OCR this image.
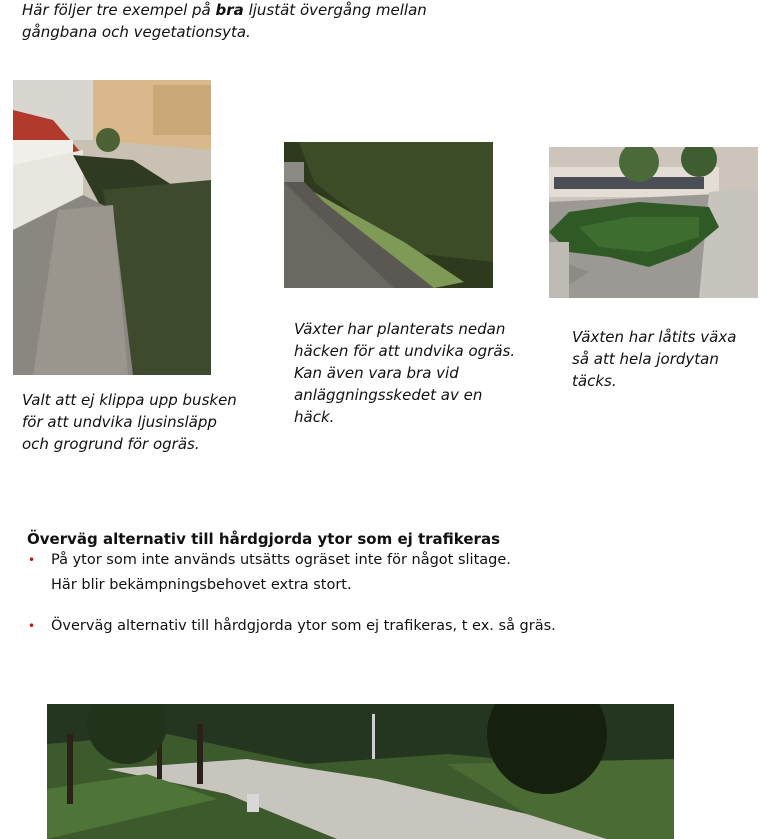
Här följer tre exempel på bra ljustät övergång mellan gångbana och vegetationsyta.
Valt att ej klippa upp busken för att undvika ljusinsläpp och grogrund för ogräs.
Växter har planterats nedan häcken för att undvika ogräs. Kan även vara bra vid anläggningsskedet av en häck.
Växten har låtits växa så att hela jordytan täcks.
Överväg alternativ till hårdgjorda ytor som ej trafikeras
• På ytor som inte används utsätts ogräset inte för något slitage.
Här blir bekämpningsbehovet extra stort.
• Överväg alternativ till hårdgjorda ytor som ej trafikeras, t ex. så gräs.
